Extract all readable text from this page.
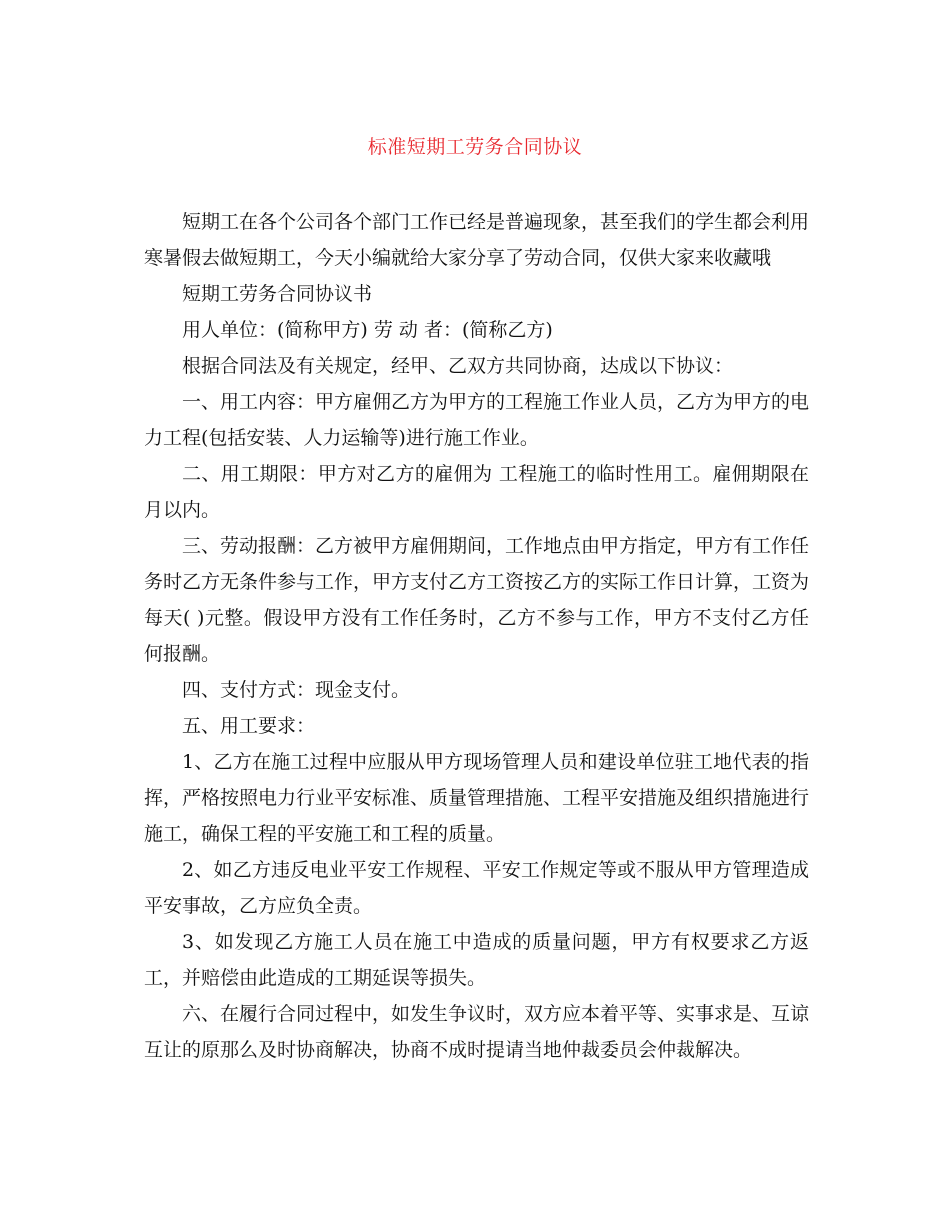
标准短期工劳务合同协议

短期工在各个公司各个部门工作已经是普遍现象，甚至我们的学生都会利用寒暑假去做短期工，今天小编就给大家分享了劳动合同，仅供大家来收藏哦

短期工劳务合同协议书

用人单位：(简称甲方) 劳 动 者：(简称乙方)

根据合同法及有关规定，经甲、乙双方共同协商，达成以下协议：

一、用工内容：甲方雇佣乙方为甲方的工程施工作业人员，乙方为甲方的电力工程(包括安装、人力运输等)进行施工作业。

二、用工期限：甲方对乙方的雇佣为 工程施工的临时性用工。雇佣期限在 月以内。

三、劳动报酬：乙方被甲方雇佣期间，工作地点由甲方指定，甲方有工作任务时乙方无条件参与工作，甲方支付乙方工资按乙方的实际工作日计算，工资为每天( )元整。假设甲方没有工作任务时，乙方不参与工作，甲方不支付乙方任何报酬。

四、支付方式：现金支付。

五、用工要求：

1、乙方在施工过程中应服从甲方现场管理人员和建设单位驻工地代表的指挥，严格按照电力行业平安标准、质量管理措施、工程平安措施及组织措施进行施工，确保工程的平安施工和工程的质量。

2、如乙方违反电业平安工作规程、平安工作规定等或不服从甲方管理造成平安事故，乙方应负全责。

3、如发现乙方施工人员在施工中造成的质量问题，甲方有权要求乙方返工，并赔偿由此造成的工期延误等损失。

六、在履行合同过程中，如发生争议时，双方应本着平等、实事求是、互谅互让的原那么及时协商解决，协商不成时提请当地仲裁委员会仲裁解决。
